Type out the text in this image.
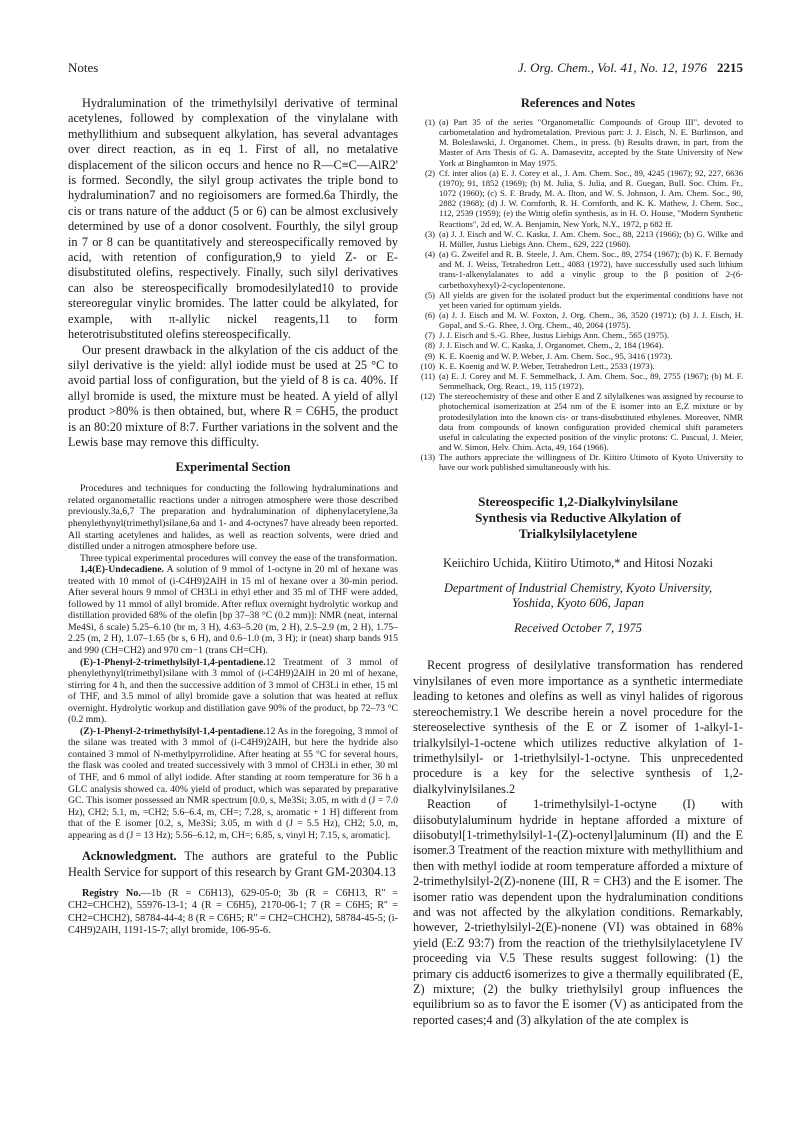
Notes	J. Org. Chem., Vol. 41, No. 12, 1976 2215

Hydralumination of the trimethylsilyl derivative of terminal acetylenes, followed by complexation of the vinylalane with methyllithium and subsequent alkylation, has several advantages over direct reaction, as in eq 1. First of all, no metalative displacement of the silicon occurs and hence no R—C≡C—AlR2' is formed. Secondly, the silyl group activates the triple bond to hydralumination7 and no regioisomers are formed.6a Thirdly, the cis or trans nature of the adduct (5 or 6) can be almost exclusively determined by use of a donor cosolvent. Fourthly, the silyl group in 7 or 8 can be quantitatively and stereospecifically removed by acid, with retention of configuration,9 to yield Z- or E-disubstituted olefins, respectively. Finally, such silyl derivatives can also be stereospecifically bromodesilylated10 to provide stereoregular vinylic bromides. The latter could be alkylated, for example, with π-allylic nickel reagents,11 to form heterotrisubstituted olefins stereospecifically.

Our present drawback in the alkylation of the cis adduct of the silyl derivative is the yield: allyl iodide must be used at 25 °C to avoid partial loss of configuration, but the yield of 8 is ca. 40%. If allyl bromide is used, the mixture must be heated. A yield of allyl product >80% is then obtained, but, where R = C6H5, the product is an 80:20 mixture of 8:7. Further variations in the solvent and the Lewis base may remove this difficulty.

Experimental Section

Procedures and techniques for conducting the following hydraluminations and related organometallic reactions under a nitrogen atmosphere were those described previously.3a,6,7 The preparation and hydralumination of diphenylacetylene,3a phenylethynyl(trimethyl)silane,6a and 1- and 4-octynes7 have already been reported. All starting acetylenes and halides, as well as reaction solvents, were dried and distilled under a nitrogen atmosphere before use.

Three typical experimental procedures will convey the ease of the transformation.

1,4(E)-Undecadiene. A solution of 9 mmol of 1-octyne in 20 ml of hexane was treated with 10 mmol of (i-C4H9)2AlH in 15 ml of hexane over a 30-min period. After several hours 9 mmol of CH3Li in ethyl ether and 35 ml of THF were added, followed by 11 mmol of allyl bromide. After reflux overnight hydrolytic workup and distillation provided 68% of the olefin [bp 37–38 °C (0.2 mm)]: NMR (neat, internal Me4Si, δ scale) 5.25–6.10 (br m, 3 H), 4.63–5.20 (m, 2 H), 2.5–2.9 (m, 2 H), 1.75–2.25 (m, 2 H), 1.07–1.65 (br s, 6 H), and 0.6–1.0 (m, 3 H); ir (neat) sharp bands 915 and 990 (CH=CH2) and 970 cm−1 (trans CH=CH).

(E)-1-Phenyl-2-trimethylsilyl-1,4-pentadiene.12 Treatment of 3 mmol of phenylethynyl(trimethyl)silane with 3 mmol of (i-C4H9)2AlH in 20 ml of hexane, stirring for 4 h, and then the successive addition of 3 mmol of CH3Li in ether, 15 ml of THF, and 3.5 mmol of allyl bromide gave a solution that was heated at reflux overnight. Hydrolytic workup and distillation gave 90% of the product, bp 72–73 °C (0.2 mm).

(Z)-1-Phenyl-2-trimethylsilyl-1,4-pentadiene.12 As in the foregoing, 3 mmol of the silane was treated with 3 mmol of (i-C4H9)2AlH, but here the hydride also contained 3 mmol of N-methylpyrrolidine. After heating at 55 °C for several hours, the flask was cooled and treated successively with 3 mmol of CH3Li in ether, 30 ml of THF, and 6 mmol of allyl iodide. After standing at room temperature for 36 h a GLC analysis showed ca. 40% yield of product, which was separated by preparative GC. This isomer possessed an NMR spectrum [0.0, s, Me3Si; 3.05, m with d (J = 7.0 Hz), CH2; 5.1, m, =CH2; 5.6–6.4, m, CH=; 7.28, s, aromatic + 1 H] different from that of the E isomer [0.2, s, Me3Si; 3.05, m with d (J = 5.5 Hz), CH2; 5.0, m, appearing as d (J = 13 Hz); 5.56–6.12, m, CH=; 6.85, s, vinyl H; 7.15, s, aromatic].

Acknowledgment. The authors are grateful to the Public Health Service for support of this research by Grant GM-20304.13

Registry No.—1b (R = C6H13), 629-05-0; 3b (R = C6H13, R'' = CH2=CHCH2), 55976-13-1; 4 (R = C6H5), 2170-06-1; 7 (R = C6H5; R'' = CH2=CHCH2), 58784-44-4; 8 (R = C6H5; R'' = CH2=CHCH2), 58784-45-5; (i-C4H9)2AlH, 1191-15-7; allyl bromide, 106-95-6.

References and Notes
(1) (a) Part 35 of the series "Organometallic Compounds of Group III", devoted to carbometalation and hydrometalation. Previous part: J. J. Eisch, N. E. Burlinson, and M. Boleslawski, J. Organomet. Chem., in press. (b) Results drawn, in part, from the Master of Arts Thesis of G. A. Damasevitz, accepted by the State University of New York at Binghamton in May 1975.
(2) Cf. inter alios (a) E. J. Corey et al., J. Am. Chem. Soc., 89, 4245 (1967); 92, 227, 6636 (1970); 91, 1852 (1969); (b) M. Julia, S. Julia, and R. Guegan, Bull. Soc. Chim. Fr., 1072 (1960); (c) S. F. Brady, M. A. Ilton, and W. S. Johnson, J. Am. Chem. Soc., 90, 2882 (1968); (d) J. W. Cornforth, R. H. Cornforth, and K. K. Mathew, J. Chem. Soc., 112, 2539 (1959); (e) the Wittig olefin synthesis, as in H. O. House, "Modern Synthetic Reactions", 2d ed, W. A. Benjamin, New York, N.Y., 1972, p 682 ff.
(3) (a) J. J. Eisch and W. C. Kaska, J. Am. Chem. Soc., 88, 2213 (1966); (b) G. Wilke and H. Müller, Justus Liebigs Ann. Chem., 629, 222 (1960).
(4) (a) G. Zweifel and R. B. Steele, J. Am. Chem. Soc., 89, 2754 (1967); (b) K. F. Bernady and M. J. Weiss, Tetrahedron Lett., 4083 (1972), have successfully used such lithium trans-1-alkenylalanates to add a vinylic group to the β position of 2-(6-carbethoxyhexyl)-2-cyclopentenone.
(5) All yields are given for the isolated product but the experimental conditions have not yet been varied for optimum yields.
(6) (a) J. J. Eisch and M. W. Foxton, J. Org. Chem., 36, 3520 (1971); (b) J. J. Eisch, H. Gopal, and S.-G. Rhee, J. Org. Chem., 40, 2064 (1975).
(7) J. J. Eisch and S.-G. Rhee, Justus Liebigs Ann. Chem., 565 (1975).
(8) J. J. Eisch and W. C. Kaska, J. Organomet. Chem., 2, 184 (1964).
(9) K. E. Koenig and W. P. Weber, J. Am. Chem. Soc., 95, 3416 (1973).
(10) K. E. Koenig and W. P. Weber, Tetrahedron Lett., 2533 (1973).
(11) (a) E. J. Corey and M. F. Semmelhack, J. Am. Chem. Soc., 89, 2755 (1967); (b) M. F. Semmelhack, Org. React., 19, 115 (1972).
(12) The stereochemistry of these and other E and Z silylalkenes was assigned by recourse to photochemical isomerization at 254 nm of the E isomer into an E,Z mixture or by protodesilylation into the known cis- or trans-disubstituted ethylenes. Moreover, NMR data from compounds of known configuration provided chemical shift parameters useful in calculating the expected position of the vinylic protons: C. Pascual, J. Meier, and W. Simon, Helv. Chim. Acta, 49, 164 (1966).
(13) The authors appreciate the willingness of Dr. Kiitiro Utimoto of Kyoto University to have our work published simultaneously with his.
Stereospecific 1,2-Dialkylvinylsilane
Synthesis via Reductive Alkylation of
Trialkylsilylacetylene
Keiichiro Uchida, Kiitiro Utimoto,* and Hitosi Nozaki
Department of Industrial Chemistry, Kyoto University,
Yoshida, Kyoto 606, Japan
Received October 7, 1975

Recent progress of desilylative transformation has rendered vinylsilanes of even more importance as a synthetic intermediate leading to ketones and olefins as well as vinyl halides of rigorous stereochemistry.1 We describe herein a novel procedure for the stereoselective synthesis of the E or Z isomer of 1-alkyl-1-trialkylsilyl-1-octene which utilizes reductive alkylation of 1-trimethylsilyl- or 1-triethylsilyl-1-octyne. This unprecedented procedure is a key for the selective synthesis of 1,2-dialkylvinylsilanes.2

Reaction of 1-trimethylsilyl-1-octyne (I) with diisobutylaluminum hydride in heptane afforded a mixture of diisobutyl[1-trimethylsilyl-1-(Z)-octenyl]aluminum (II) and the E isomer.3 Treatment of the reaction mixture with methyllithium and then with methyl iodide at room temperature afforded a mixture of 2-trimethylsilyl-2(Z)-nonene (III, R = CH3) and the E isomer. The isomer ratio was dependent upon the hydralumination conditions and was not affected by the alkylation conditions. Remarkably, however, 2-triethylsilyl-2(E)-nonene (VI) was obtained in 68% yield (E:Z 93:7) from the reaction of the triethylsilylacetylene IV proceeding via V.5 These results suggest following: (1) the primary cis adduct6 isomerizes to give a thermally equilibrated (E, Z) mixture; (2) the bulky triethylsilyl group influences the equilibrium so as to favor the E isomer (V) as anticipated from the reported cases;4 and (3) alkylation of the ate complex is
